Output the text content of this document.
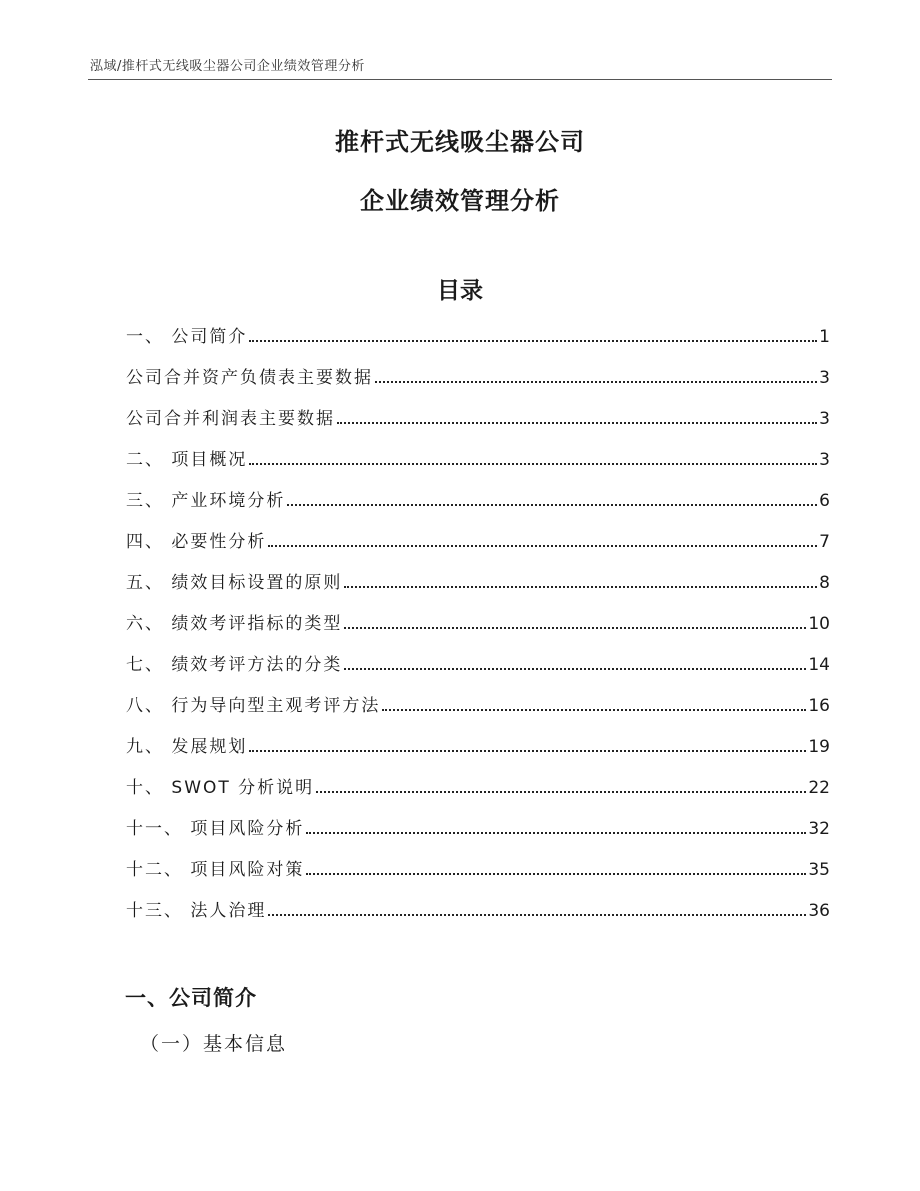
泓域/推杆式无线吸尘器公司企业绩效管理分析
推杆式无线吸尘器公司
企业绩效管理分析
目录
一、 公司简介	1
公司合并资产负债表主要数据	3
公司合并利润表主要数据	3
二、 项目概况	3
三、 产业环境分析	6
四、 必要性分析	7
五、 绩效目标设置的原则	8
六、 绩效考评指标的类型	10
七、 绩效考评方法的分类	14
八、 行为导向型主观考评方法	16
九、 发展规划	19
十、 SWOT 分析说明	22
十一、 项目风险分析	32
十二、 项目风险对策	35
十三、 法人治理	36
一、公司简介
（一）基本信息
